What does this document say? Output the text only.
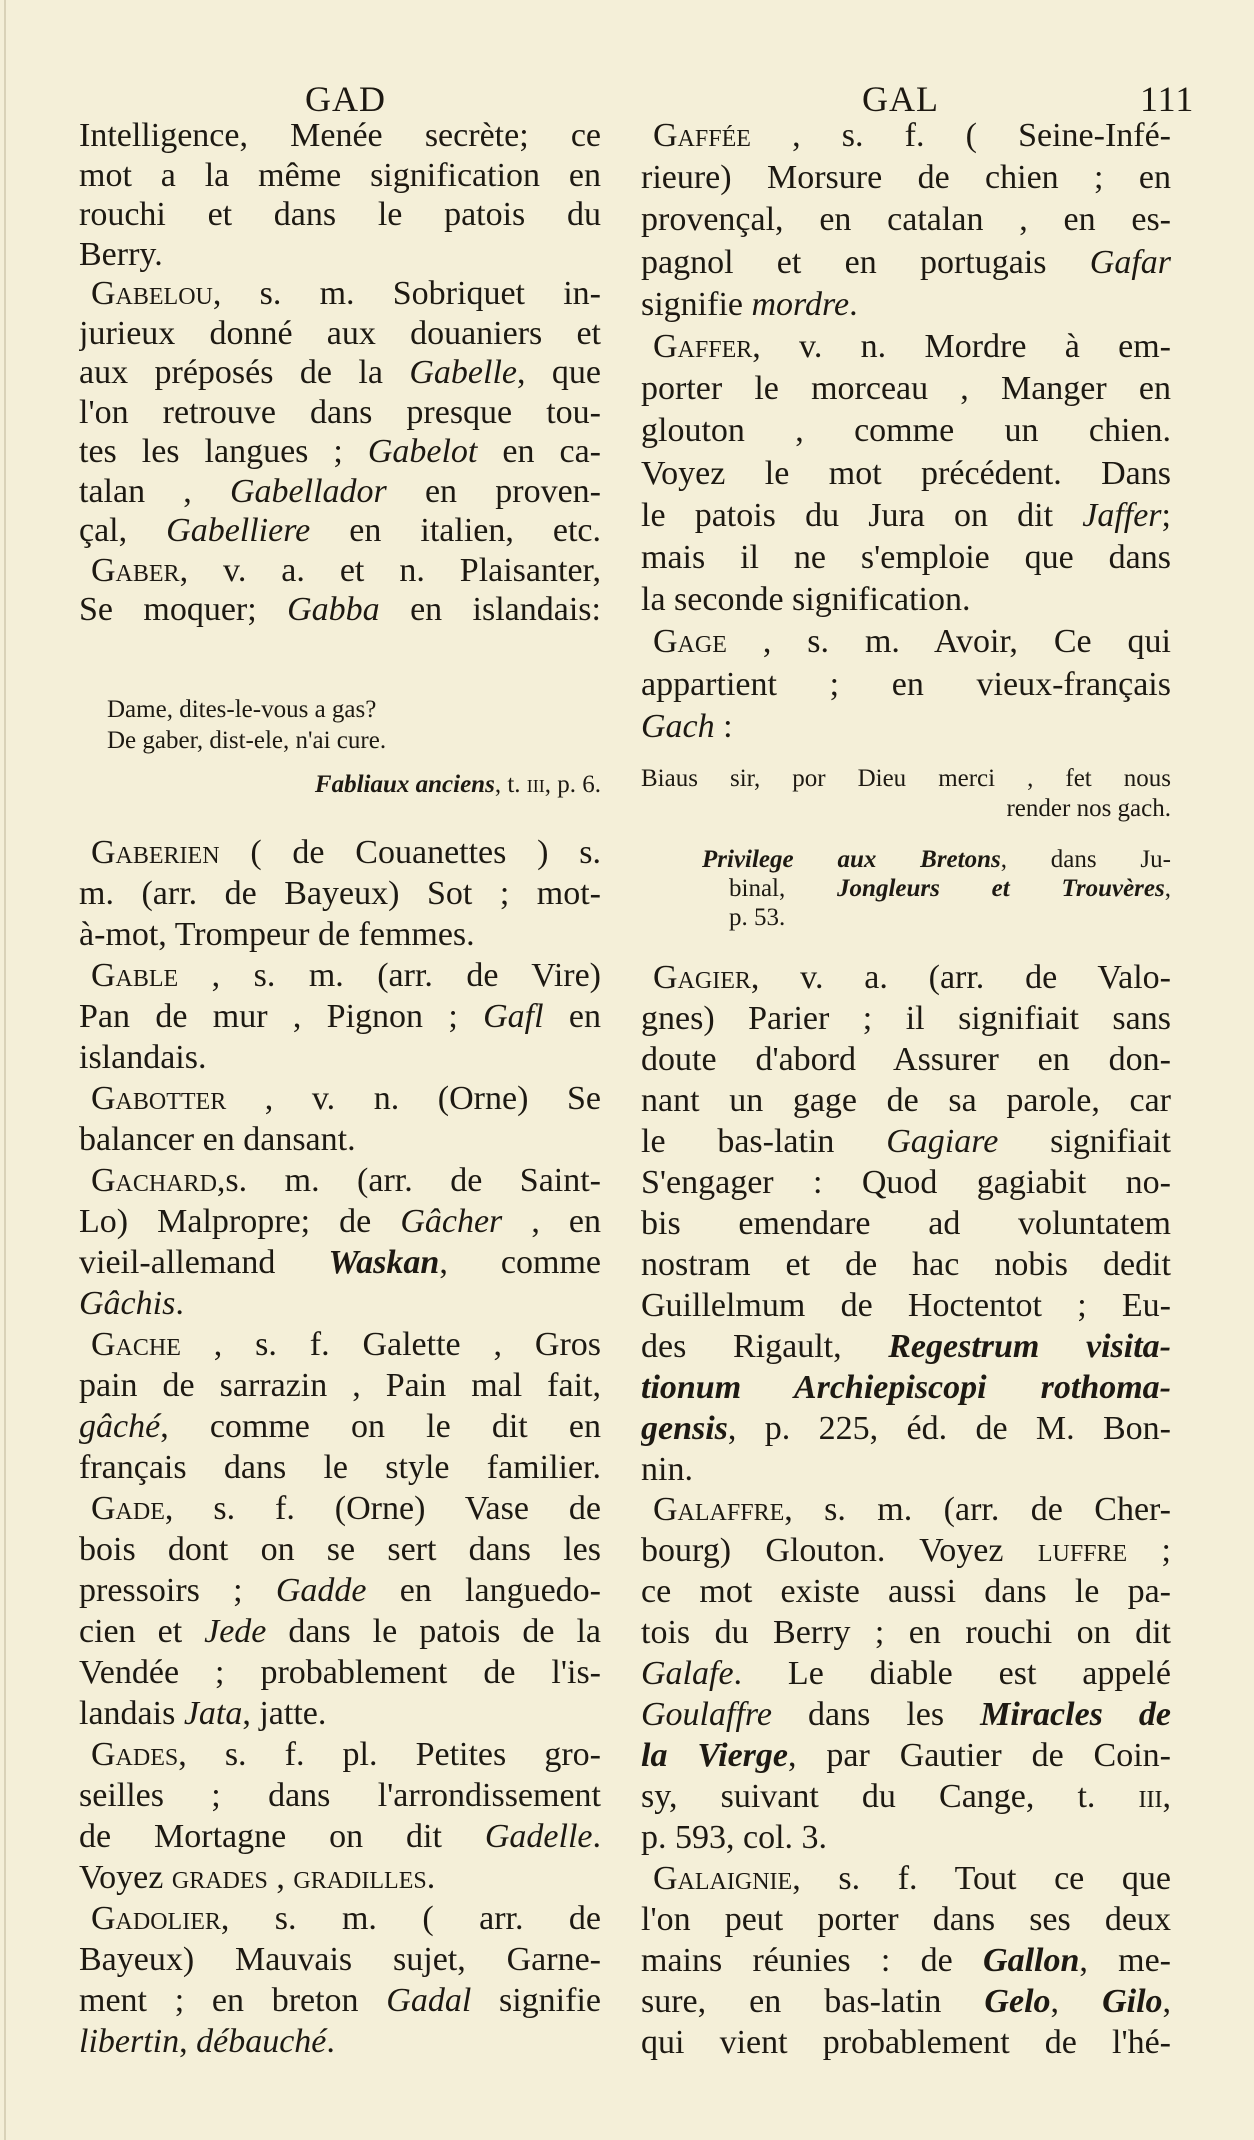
GAD	GAL	111
Intelligence, Menée secrète; ce
mot a la même signification en
rouchi et dans le patois du
Berry.
Gabelou, s. m. Sobriquet in-
jurieux donné aux douaniers et
aux préposés de la Gabelle, que
l'on retrouve dans presque tou-
tes les langues ; Gabelot en ca-
talan , Gabellador en proven-
çal, Gabelliere en italien, etc.
Gaber, v. a. et n. Plaisanter,
Se moquer; Gabba en islandais:
Dame, dites-le-vous a gas?
De gaber, dist-ele, n'ai cure.
Fabliaux anciens, t. iii, p. 6.
Gaberien ( de Couanettes ) s.
m. (arr. de Bayeux) Sot ; mot-
à-mot, Trompeur de femmes.
Gable , s. m. (arr. de Vire)
Pan de mur , Pignon ; Gafl en
islandais.
Gabotter , v. n. (Orne) Se
balancer en dansant.
Gachard,s. m. (arr. de Saint-
Lo) Malpropre; de Gâcher , en
vieil-allemand Waskan, comme
Gâchis.
Gache , s. f. Galette , Gros
pain de sarrazin , Pain mal fait,
gâché, comme on le dit en
français dans le style familier.
Gade, s. f. (Orne) Vase de
bois dont on se sert dans les
pressoirs ; Gadde en languedo-
cien et Jede dans le patois de la
Vendée ; probablement de l'is-
landais Jata, jatte.
Gades, s. f. pl. Petites gro-
seilles ; dans l'arrondissement
de Mortagne on dit Gadelle.
Voyez grades , gradilles.
Gadolier, s. m. ( arr. de
Bayeux) Mauvais sujet, Garne-
ment ; en breton Gadal signifie
libertin, débauché.
Gaffée , s. f. ( Seine-Infé-
rieure) Morsure de chien ; en
provençal, en catalan , en es-
pagnol et en portugais Gafar
signifie mordre.
Gaffer, v. n. Mordre à em-
porter le morceau , Manger en
glouton , comme un chien.
Voyez le mot précédent. Dans
le patois du Jura on dit Jaffer;
mais il ne s'emploie que dans
la seconde signification.
Gage , s. m. Avoir, Ce qui
appartient ; en vieux-français
Gach :
Biaus sir, por Dieu merci , fet nous
render nos gach.
Privilege aux Bretons, dans Ju-
binal, Jongleurs et Trouvères,
p. 53.
Gagier, v. a. (arr. de Valo-
gnes) Parier ; il signifiait sans
doute d'abord Assurer en don-
nant un gage de sa parole, car
le bas-latin Gagiare signifiait
S'engager : Quod gagiabit no-
bis emendare ad voluntatem
nostram et de hac nobis dedit
Guillelmum de Hoctentot ; Eu-
des Rigault, Regestrum visita-
tionum Archiepiscopi rothoma-
gensis, p. 225, éd. de M. Bon-
nin.
Galaffre, s. m. (arr. de Cher-
bourg) Glouton. Voyez luffre ;
ce mot existe aussi dans le pa-
tois du Berry ; en rouchi on dit
Galafe. Le diable est appelé
Goulaffre dans les Miracles de
la Vierge, par Gautier de Coin-
sy, suivant du Cange, t. iii,
p. 593, col. 3.
Galaignie, s. f. Tout ce que
l'on peut porter dans ses deux
mains réunies : de Gallon, me-
sure, en bas-latin Gelo, Gilo,
qui vient probablement de l'hé-
